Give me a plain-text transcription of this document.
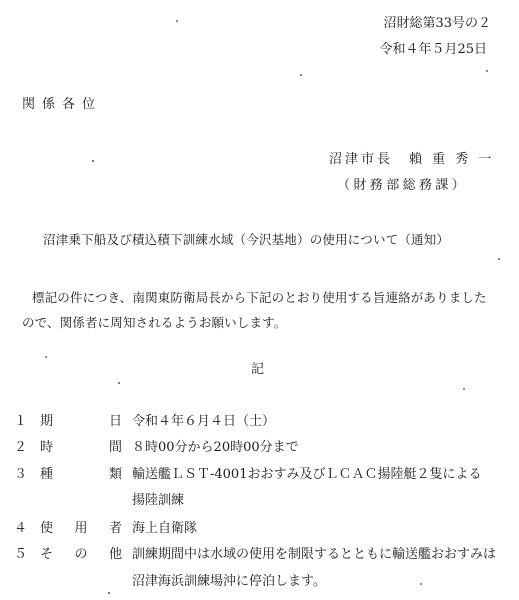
沼財総第33号の２
令和４年５月25日
関係各位
沼津市長　賴 重 秀 一
（財務部総務課）
沼津乗下船及び積込積下訓練水域（今沢基地）の使用について（通知）
標記の件につき、南関東防衛局長から下記のとおり使用する旨連絡がありました
ので、関係者に周知されるようお願いします。
記
１ 期	日 令和４年６月４日（土）
２ 時	間 ８時00分から20時00分まで
３ 種	類 輸送艦ＬＳＴ-4001おおすみ及びＬＣＡＣ揚陸艇２隻による
揚陸訓練
４ 使 用 者 海上自衛隊
５ そ の 他 訓練期間中は水域の使用を制限するとともに輸送艦おおすみは
沼津海浜訓練場沖に停泊します。
